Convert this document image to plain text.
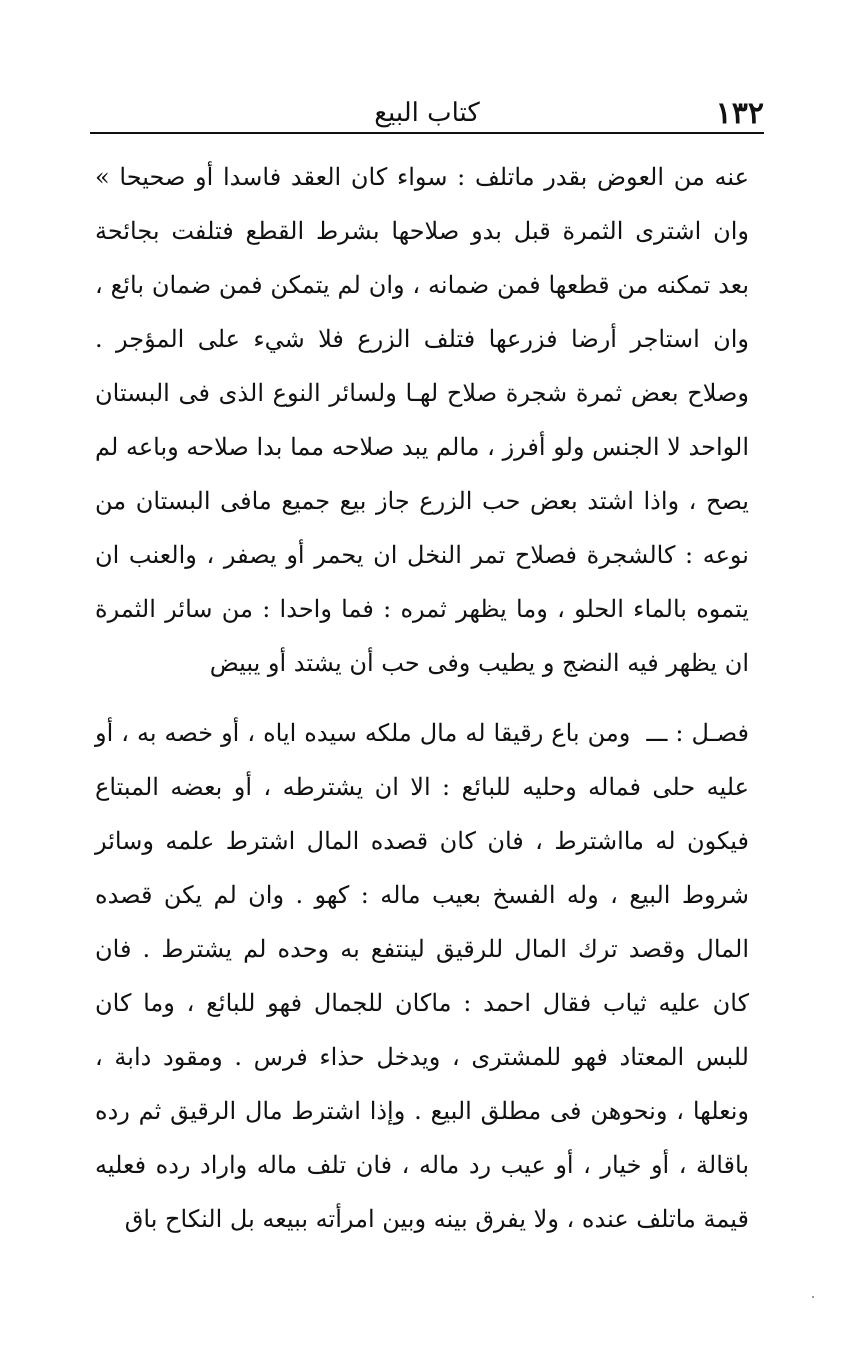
١٣٢
كتاب البيع

عنه من العوض بقدر ماتلف : سواء كان العقد فاسدا أو صحيحا » وان اشترى الثمرة قبل بدو صلاحها بشرط القطع فتلفت بجائحة بعد تمكنه من قطعها فمن ضمانه ، وان لم يتمكن فمن ضمان بائع ، وان استاجر أرضا فزرعها فتلف الزرع فلا شيء على المؤجر . وصلاح بعض ثمرة شجرة صلاح لهـا ولسائر النوع الذى فى البستان الواحد لا الجنس ولو أفرز ، مالم يبد صلاحه مما بدا صلاحه وباعه لم يصح ، واذا اشتد بعض حب الزرع جاز بيع جميع مافى البستان من نوعه : كالشجرة فصلاح تمر النخل ان يحمر أو يصفر ، والعنب ان يتموه بالماء الحلو ، وما يظهر ثمره : فما واحدا : من سائر الثمرة ان يظهر فيه النضج و يطيب وفى حب أن يشتد أو يبيض

فصـل : ـــ ومن باع رقيقا له مال ملكه سيده اياه ، أو خصه به ، أو عليه حلى فماله وحليه للبائع : الا ان يشترطه ، أو بعضه المبتاع فيكون له مااشترط ، فان كان قصده المال اشترط علمه وسائر شروط البيع ، وله الفسخ بعيب ماله : كهو . وان لم يكن قصده المال وقصد ترك المال للرقيق لينتفع به وحده لم يشترط . فان كان عليه ثياب فقال احمد : ماكان للجمال فهو للبائع ، وما كان للبس المعتاد فهو للمشترى ، ويدخل حذاء فرس . ومقود دابة ، ونعلها ، ونحوهن فى مطلق البيع . وإذا اشترط مال الرقيق ثم رده باقالة ، أو خيار ، أو عيب رد ماله ، فان تلف ماله واراد رده فعليه قيمة ماتلف عنده ، ولا يفرق بينه وبين امرأته ببيعه بل النكاح باق
